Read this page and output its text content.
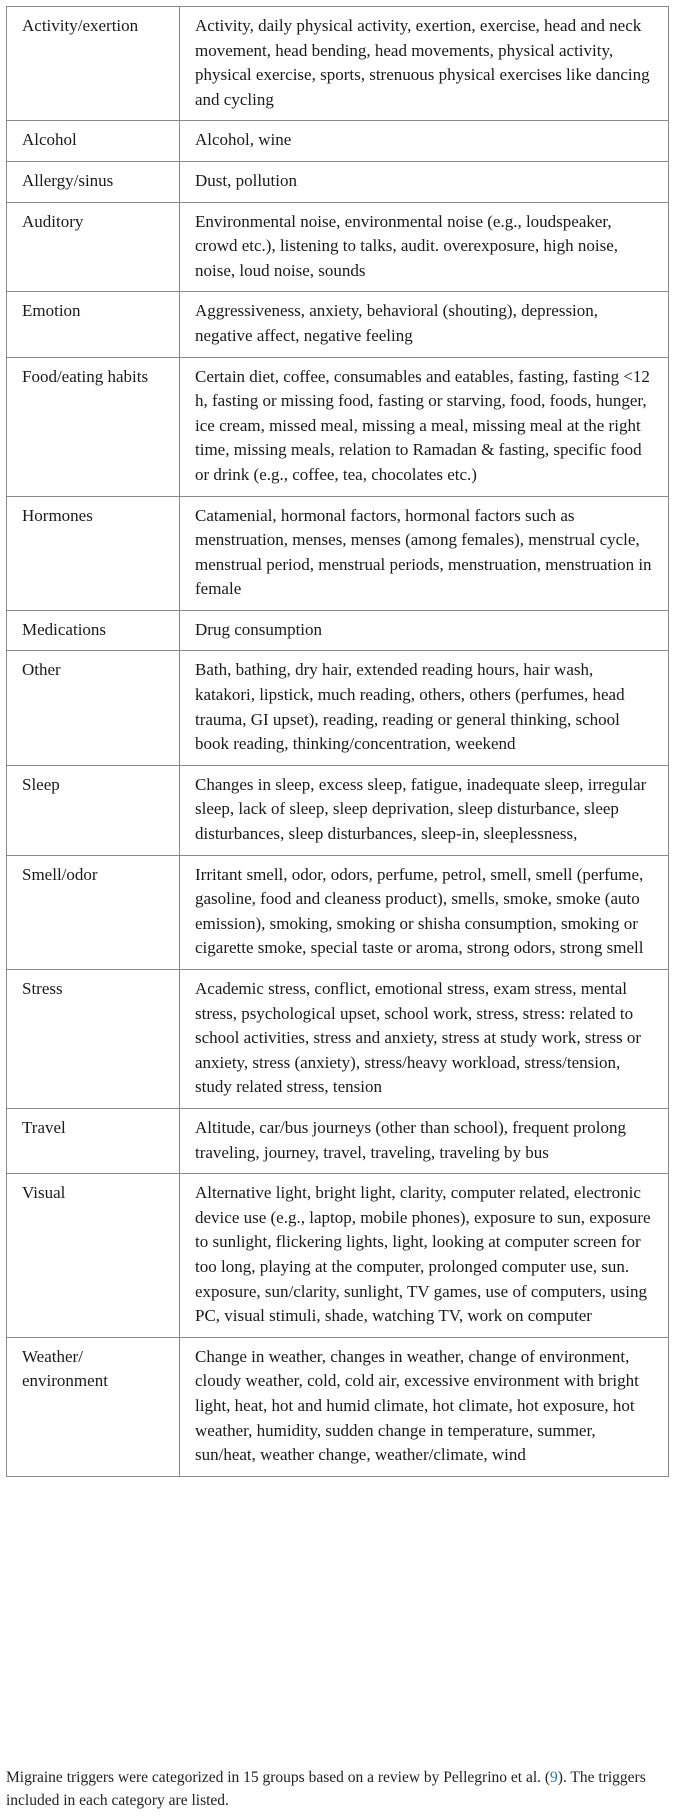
Activity/exertion	Activity, daily physical activity, exertion, exercise, head and neck movement, head bending, head movements, physical activity, physical exercise, sports, strenuous physical exercises like dancing and cycling
Alcohol	Alcohol, wine
Allergy/sinus	Dust, pollution
Auditory	Environmental noise, environmental noise (e.g., loudspeaker, crowd etc.), listening to talks, audit. overexposure, high noise, noise, loud noise, sounds
Emotion	Aggressiveness, anxiety, behavioral (shouting), depression, negative affect, negative feeling
Food/eating habits	Certain diet, coffee, consumables and eatables, fasting, fasting <12 h, fasting or missing food, fasting or starving, food, foods, hunger, ice cream, missed meal, missing a meal, missing meal at the right time, missing meals, relation to Ramadan & fasting, specific food or drink (e.g., coffee, tea, chocolates etc.)
Hormones	Catamenial, hormonal factors, hormonal factors such as menstruation, menses, menses (among females), menstrual cycle, menstrual period, menstrual periods, menstruation, menstruation in female
Medications	Drug consumption
Other	Bath, bathing, dry hair, extended reading hours, hair wash, katakori, lipstick, much reading, others, others (perfumes, head trauma, GI upset), reading, reading or general thinking, school book reading, thinking/concentration, weekend
Sleep	Changes in sleep, excess sleep, fatigue, inadequate sleep, irregular sleep, lack of sleep, sleep deprivation, sleep disturbance, sleep disturbances, sleep disturbances, sleep-in, sleeplessness,
Smell/odor	Irritant smell, odor, odors, perfume, petrol, smell, smell (perfume, gasoline, food and cleaness product), smells, smoke, smoke (auto emission), smoking, smoking or shisha consumption, smoking or cigarette smoke, special taste or aroma, strong odors, strong smell
Stress	Academic stress, conflict, emotional stress, exam stress, mental stress, psychological upset, school work, stress, stress: related to school activities, stress and anxiety, stress at study work, stress or anxiety, stress (anxiety), stress/heavy workload, stress/tension, study related stress, tension
Travel	Altitude, car/bus journeys (other than school), frequent prolong traveling, journey, travel, traveling, traveling by bus
Visual	Alternative light, bright light, clarity, computer related, electronic device use (e.g., laptop, mobile phones), exposure to sun, exposure to sunlight, flickering lights, light, looking at computer screen for too long, playing at the computer, prolonged computer use, sun. exposure, sun/clarity, sunlight, TV games, use of computers, using PC, visual stimuli, shade, watching TV, work on computer
Weather/ environment	Change in weather, changes in weather, change of environment, cloudy weather, cold, cold air, excessive environment with bright light, heat, hot and humid climate, hot climate, hot exposure, hot weather, humidity, sudden change in temperature, summer, sun/heat, weather change, weather/climate, wind
Migraine triggers were categorized in 15 groups based on a review by Pellegrino et al. (9). The triggers included in each category are listed.
